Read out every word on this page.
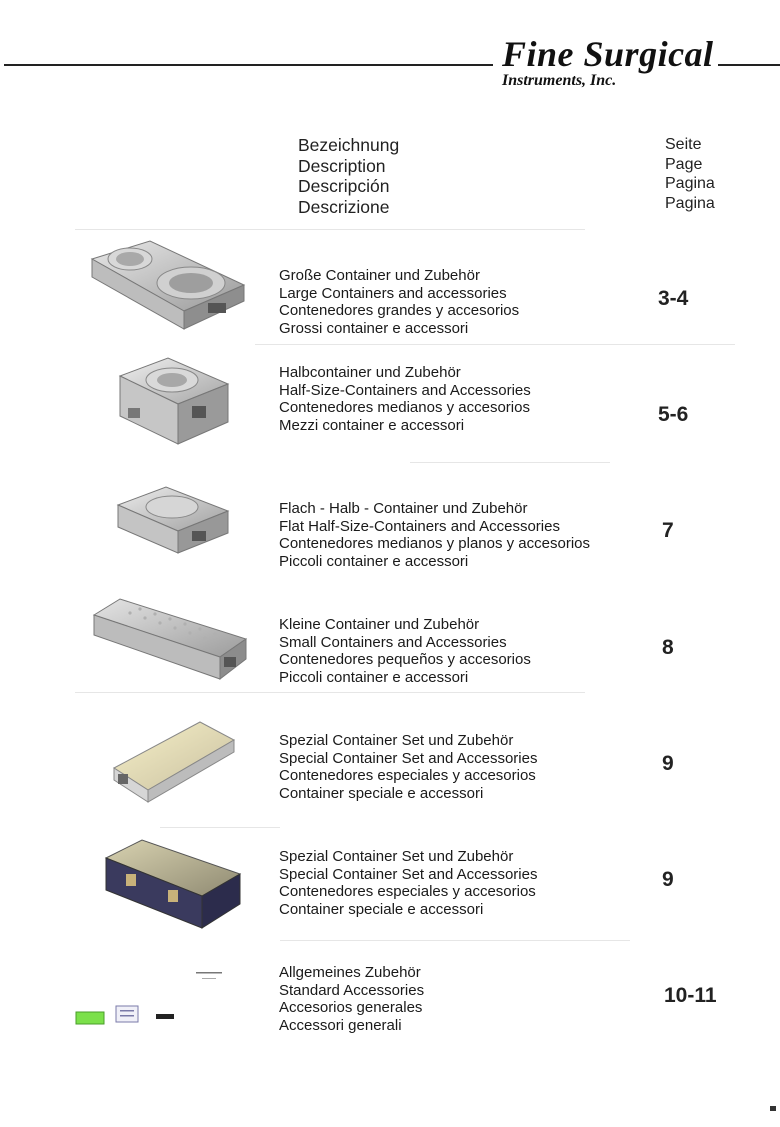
Fine Surgical
Instruments, Inc.
Bezeichnung
Description
Descripción
Descrizione
Seite
Page
Pagina
Pagina
Große Container und Zubehör
Large Containers and accessories
Contenedores grandes y accesorios
Grossi container e accessori
3-4
Halbcontainer und Zubehör
Half-Size-Containers and Accessories
Contenedores medianos y accesorios
Mezzi container e accessori	5-6
Flach - Halb - Container und Zubehör
Flat Half-Size-Containers and Accessories
Contenedores medianos y planos y accesorios
Piccoli container e accessori
7
Kleine Container und Zubehör
Small Containers and Accessories
Contenedores pequeños y accesorios
Piccoli container e accessori
8
Spezial Container Set und Zubehör
Special Container Set and Accessories
Contenedores especiales y accesorios
Container speciale e accessori
9
Spezial Container Set und Zubehör
Special Container Set and Accessories
Contenedores especiales y accesorios
Container speciale e accessori
9
Allgemeines Zubehör
Standard Accessories
Accesorios generales
Accessori generali
10-11
